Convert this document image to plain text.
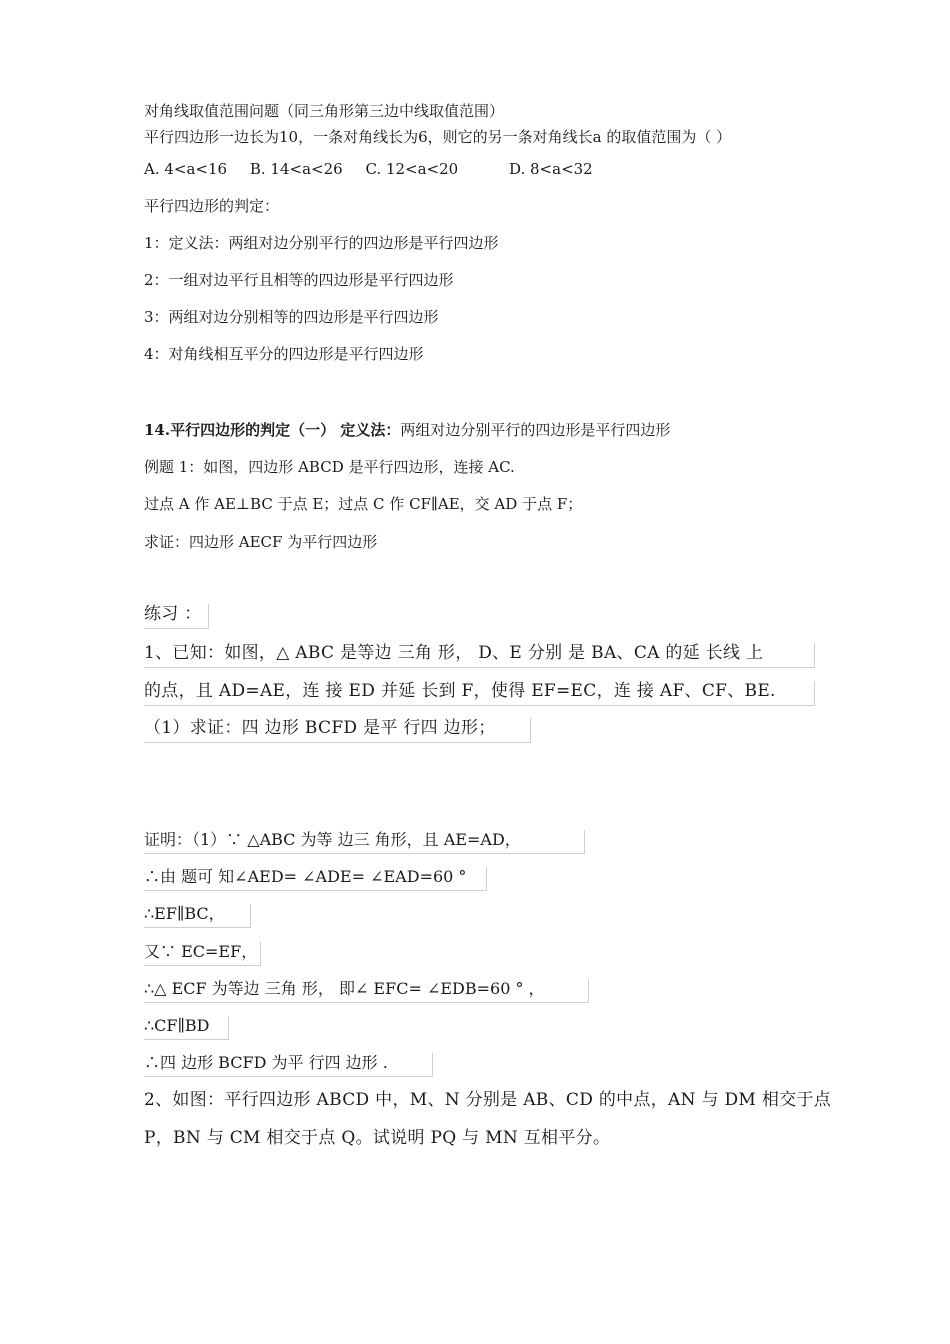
对角线取值范围问题（同三角形第三边中线取值范围）
平行四边形一边长为10，一条对角线长为6，则它的另一条对角线长a 的取值范围为（ ）
A. 4<a<16 B. 14<a<26 C. 12<a<20	D. 8<a<32
平行四边形的判定：
1：定义法：两组对边分别平行的四边形是平行四边形
2：一组对边平行且相等的四边形是平行四边形
3：两组对边分别相等的四边形是平行四边形
4：对角线相互平分的四边形是平行四边形
14.平行四边形的判定（一） 定义法：两组对边分别平行的四边形是平行四边形
例题 1：如图，四边形 ABCD 是平行四边形，连接 AC.
过点 A 作 AE⊥BC 于点 E；过点 C 作 CF∥AE，交 AD 于点 F；
求证：四边形 AECF 为平行四边形
练习 ：
1、已知：如图，△ ABC 是等边 三角 形， D、E 分别 是 BA、CA 的延 长线 上
的点，且 AD=AE，连 接 ED 并延 长到 F，使得 EF=EC，连 接 AF、CF、BE.
（1）求证：四 边形 BCFD 是平 行四 边形；
证明：（1）∵ △ABC 为等 边三 角形，且 AE=AD，
∴由 题可 知∠AED= ∠ADE= ∠EAD=60 °
∴EF∥BC，
又∵ EC=EF，
∴△ ECF 为等边 三角 形， 即∠ EFC= ∠EDB=60 ° ，
∴CF∥BD
∴四 边形 BCFD 为平 行四 边形 .
2、如图：平行四边形 ABCD 中，M、N 分别是 AB、CD 的中点，AN 与 DM 相交于点
P，BN 与 CM 相交于点 Q。试说明 PQ 与 MN 互相平分。
